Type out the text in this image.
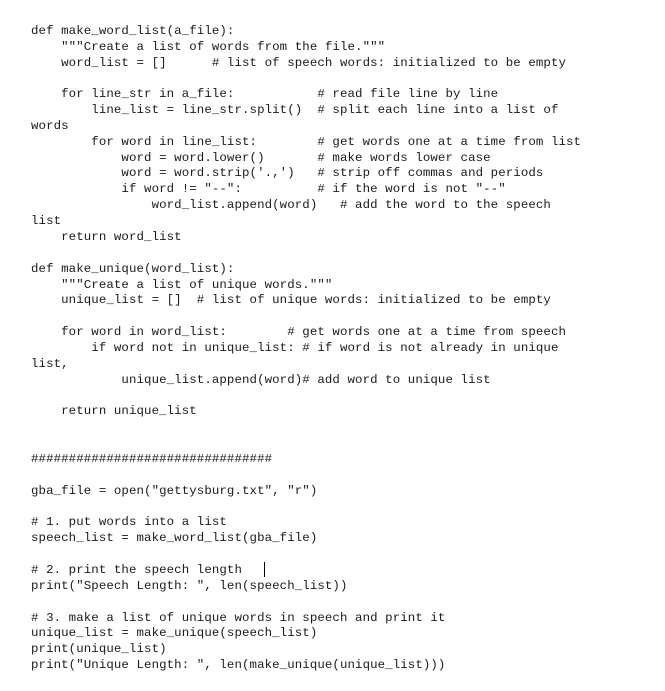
def make_word_list(a_file):
"""Create a list of words from the file."""
word_list = []      # list of speech words: initialized to be empty
for line_str in a_file:           # read file line by line
line_list = line_str.split()  # split each line into a list of
words
for word in line_list:        # get words one at a time from list
word = word.lower()       # make words lower case
word = word.strip('.,')   # strip off commas and periods
if word != "--":          # if the word is not "--"
word_list.append(word)   # add the word to the speech
list
return word_list
def make_unique(word_list):
"""Create a list of unique words."""
unique_list = []  # list of unique words: initialized to be empty
for word in word_list:        # get words one at a time from speech
if word not in unique_list: # if word is not already in unique
list,
unique_list.append(word)# add word to unique list
return unique_list
################################
gba_file = open("gettysburg.txt", "r")
# 1. put words into a list
speech_list = make_word_list(gba_file)
# 2. print the speech length
print("Speech Length: ", len(speech_list))
# 3. make a list of unique words in speech and print it
unique_list = make_unique(speech_list)
print(unique_list)
print("Unique Length: ", len(make_unique(unique_list)))
